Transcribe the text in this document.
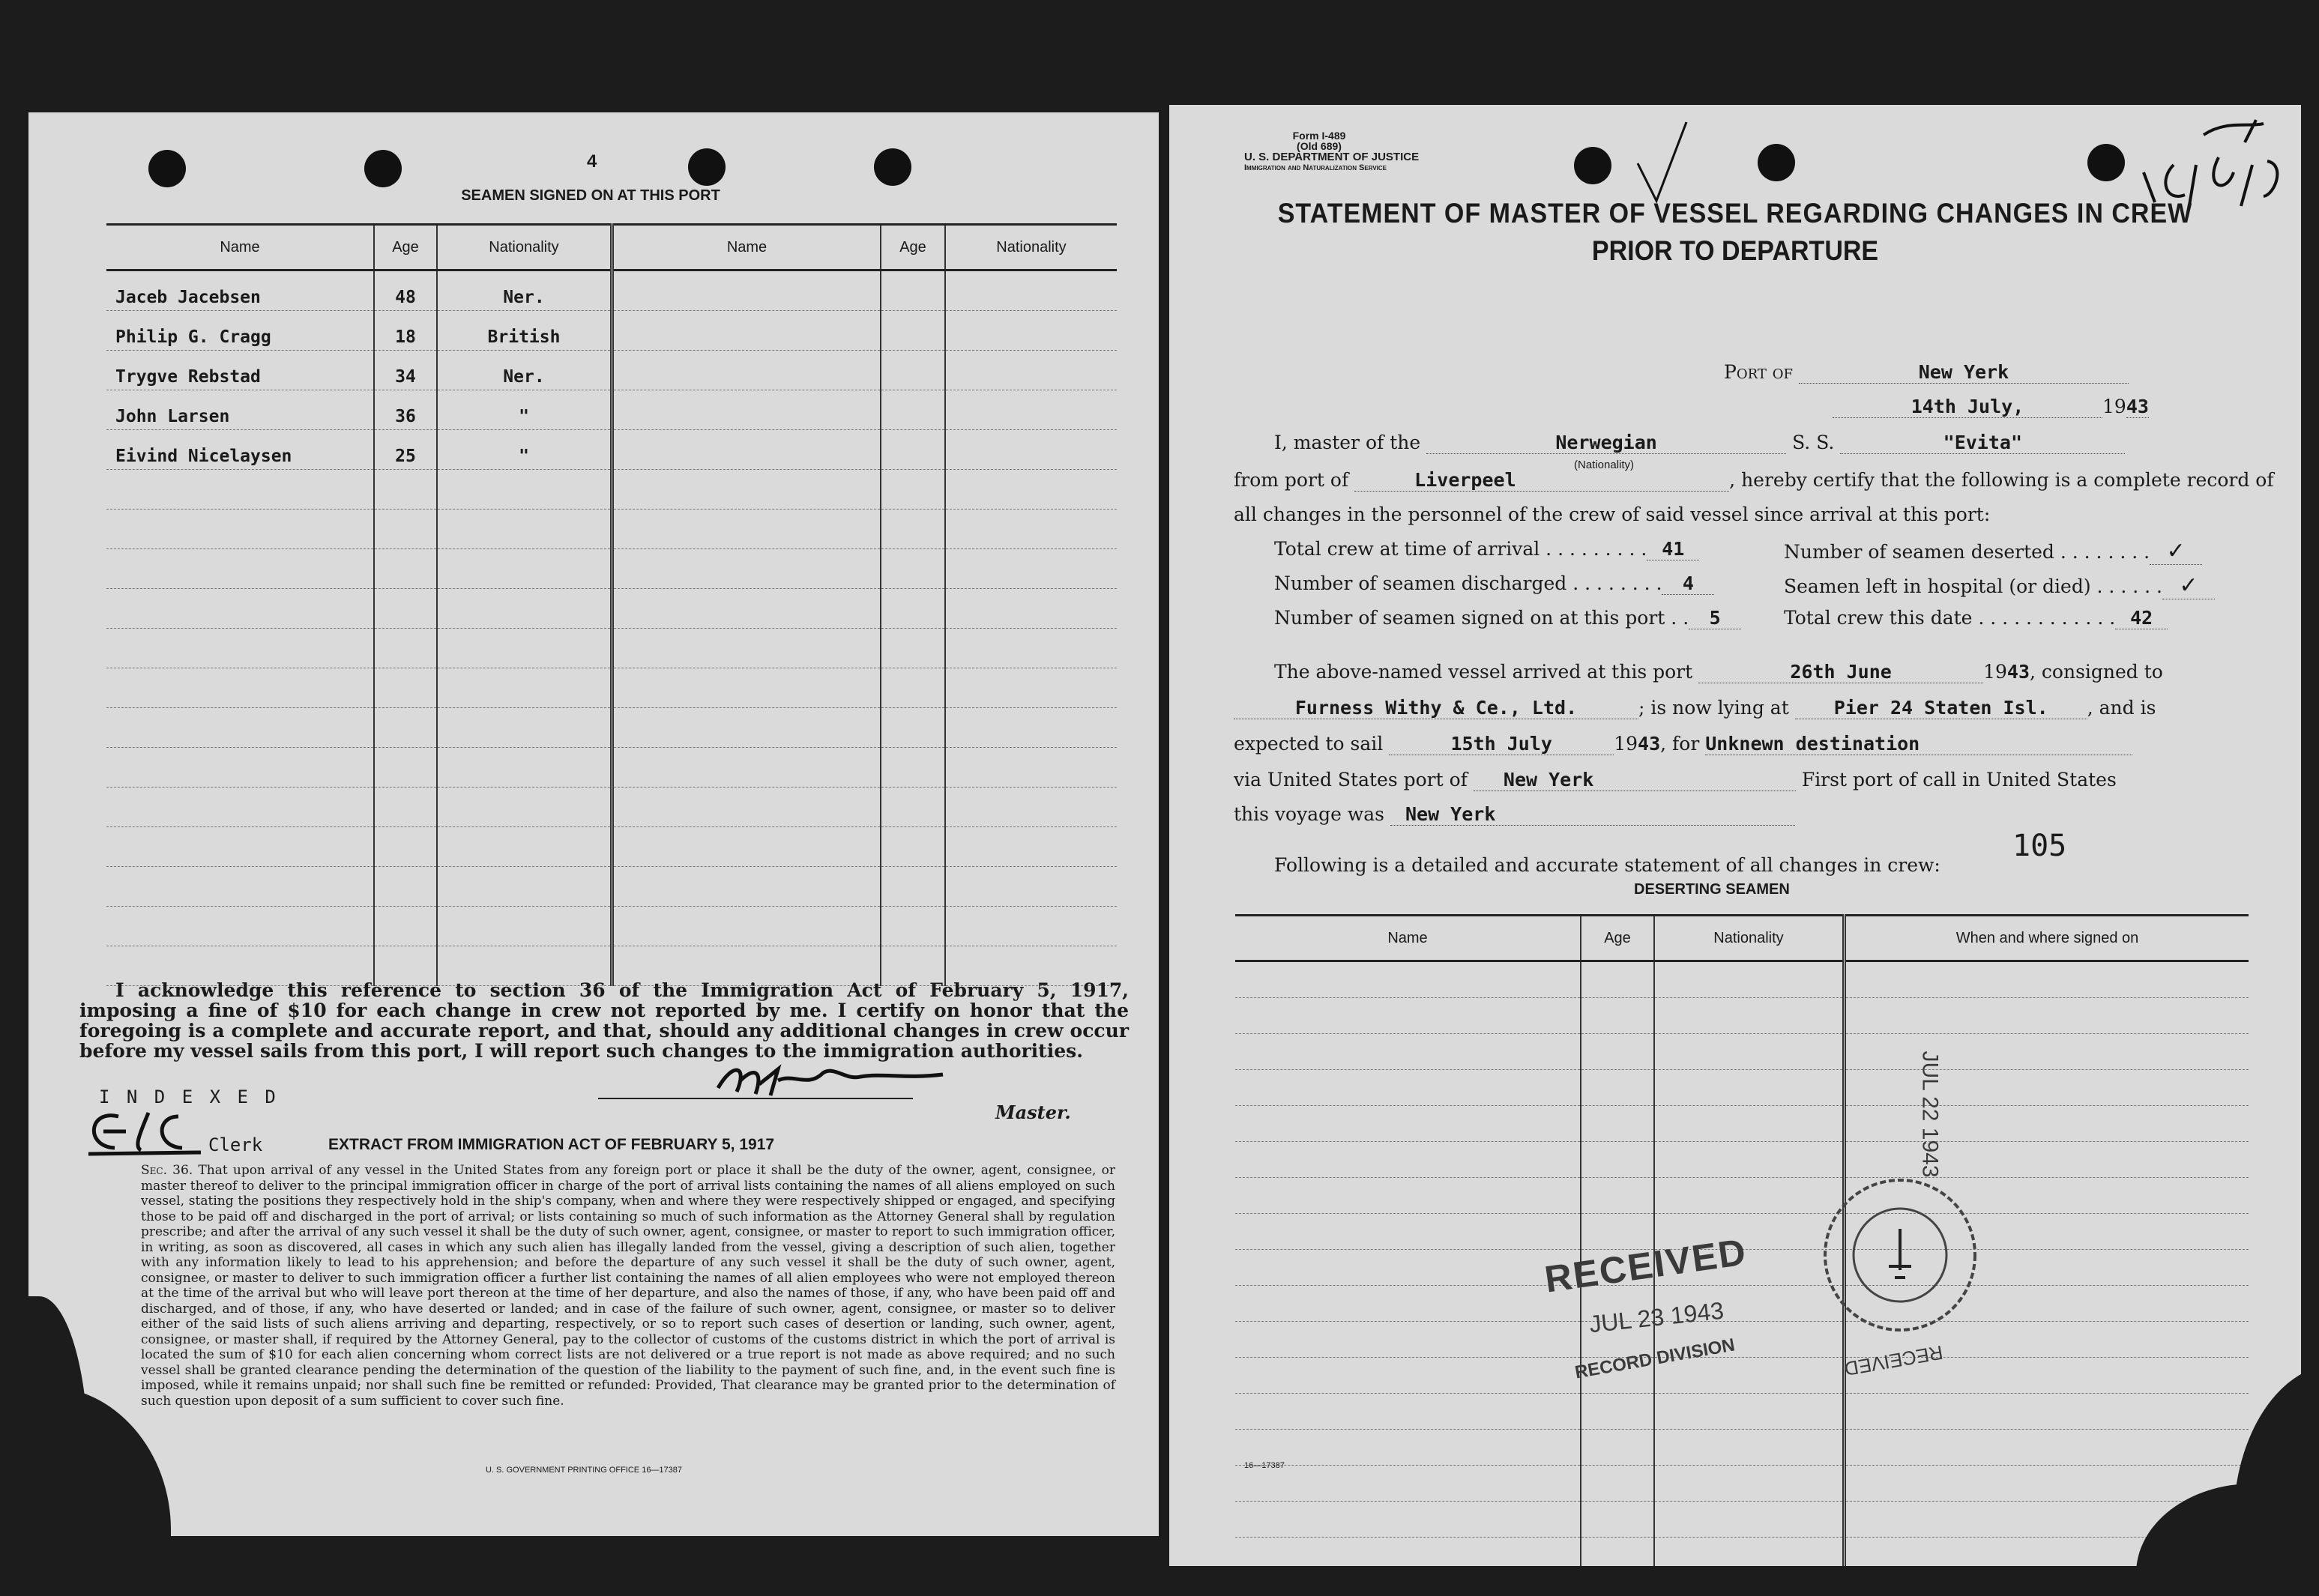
4
SEAMEN SIGNED ON AT THIS PORT
Name	Age	Nationality	Name	Age	Nationality
Jaceb Jacebsen	48	Ner.			
Philip G. Cragg	18	British			
Trygve Rebstad	34	Ner.			
John Larsen	36	"			
Eivind Nicelaysen	25	"			

I acknowledge this reference to section 36 of the Immigration Act of February 5, 1917, imposing a fine of $10 for each change in crew not reported by me. I certify on honor that the foregoing is a complete and accurate report, and that, should any additional changes in crew occur before my vessel sails from this port, I will report such changes to the immigration authorities.
Master.
I N D E X E D
Clerk	EXTRACT FROM IMMIGRATION ACT OF FEBRUARY 5, 1917
Sec. 36. That upon arrival of any vessel in the United States from any foreign port or place it shall be the duty of the owner, agent, consignee, or master thereof to deliver to the principal immigration officer in charge of the port of arrival lists containing the names of all aliens employed on such vessel, stating the positions they respectively hold in the ship's company, when and where they were respectively shipped or engaged, and specifying those to be paid off and discharged in the port of arrival; or lists containing so much of such information as the Attorney General shall by regulation prescribe; and after the arrival of any such vessel it shall be the duty of such owner, agent, consignee, or master to report to such immigration officer, in writing, as soon as discovered, all cases in which any such alien has illegally landed from the vessel, giving a description of such alien, together with any information likely to lead to his apprehension; and before the departure of any such vessel it shall be the duty of such owner, agent, consignee, or master to deliver to such immigration officer a further list containing the names of all alien employees who were not employed thereon at the time of the arrival but who will leave port thereon at the time of her departure, and also the names of those, if any, who have been paid off and discharged, and of those, if any, who have deserted or landed; and in case of the failure of such owner, agent, consignee, or master so to deliver either of the said lists of such aliens arriving and departing, respectively, or so to report such cases of desertion or landing, such owner, agent, consignee, or master shall, if required by the Attorney General, pay to the collector of customs of the customs district in which the port of arrival is located the sum of $10 for each alien concerning whom correct lists are not delivered or a true report is not made as above required; and no such vessel shall be granted clearance pending the determination of the question of the liability to the payment of such fine, and, in the event such fine is imposed, while it remains unpaid; nor shall such fine be remitted or refunded: Provided, That clearance may be granted prior to the determination of such question upon deposit of a sum sufficient to cover such fine.
U. S. GOVERNMENT PRINTING OFFICE 16—17387
Form I-489
(Old 689)
U. S. DEPARTMENT OF JUSTICE
Immigration and Naturalization Service
STATEMENT OF MASTER OF VESSEL REGARDING CHANGES IN CREW
PRIOR TO DEPARTURE
Port of	New Yerk
14th July,	1943
I, master of the	Nerwegian	S. S.	"Evita"
(Nationality)
from port of	Liverpeel	, hereby certify that the following is a complete record of
all changes in the personnel of the crew of said vessel since arrival at this port:
Total crew at time of arrival . . . . . . . . . 41	Number of seamen deserted . . . . . . . . ✓
Number of seamen discharged . . . . . . . . 4	Seamen left in hospital (or died) . . . . . . ✓
Number of seamen signed on at this port . . 5	Total crew this date . . . . . . . . . . . . 42
The above-named vessel arrived at this port	26th June	1943, consigned to
Furness Withy & Ce., Ltd.	; is now lying at Pier 24 Staten Isl. , and is
expected to sail	15th July	1943, for Unknewn destination
via United States port of New Yerk	First port of call in United States
this voyage was New Yerk
Following is a detailed and accurate statement of all changes in crew:
105
DESERTING SEAMEN
Name	Age	Nationality	When and where signed on

RECEIVED
JUL 23 1943
RECORD DIVISION	RECEIVED
JUL 22 1943
16—17387
